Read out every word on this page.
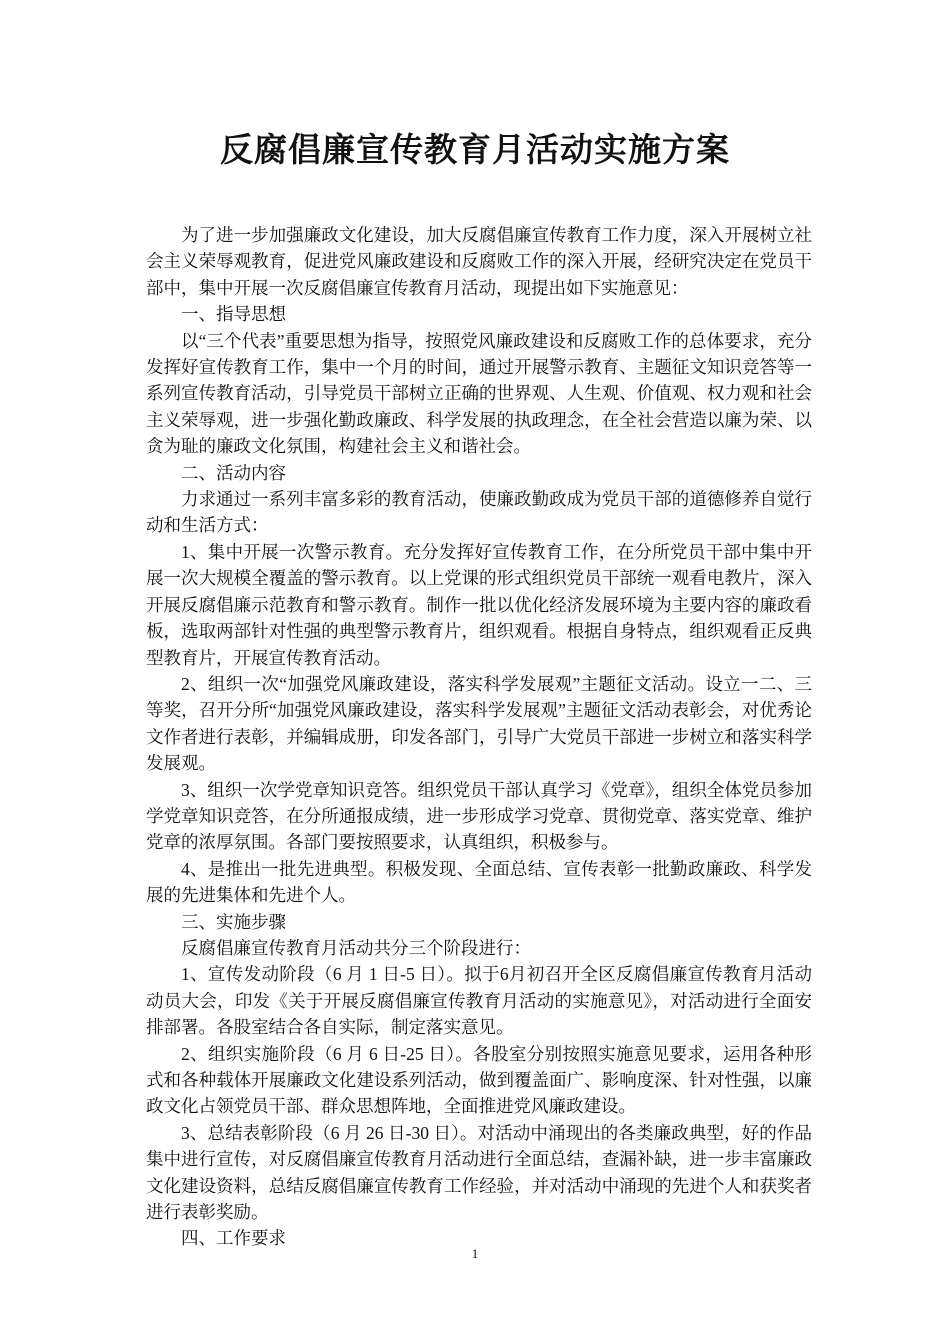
反腐倡廉宣传教育月活动实施方案

为了进一步加强廉政文化建设，加大反腐倡廉宣传教育工作力度，深入开展树立社会主义荣辱观教育，促进党风廉政建设和反腐败工作的深入开展，经研究决定在党员干部中，集中开展一次反腐倡廉宣传教育月活动，现提出如下实施意见：

一、指导思想

以“三个代表”重要思想为指导，按照党风廉政建设和反腐败工作的总体要求，充分发挥好宣传教育工作，集中一个月的时间，通过开展警示教育、主题征文知识竞答等一系列宣传教育活动，引导党员干部树立正确的世界观、人生观、价值观、权力观和社会主义荣辱观，进一步强化勤政廉政、科学发展的执政理念，在全社会营造以廉为荣、以贪为耻的廉政文化氛围，构建社会主义和谐社会。

二、活动内容

力求通过一系列丰富多彩的教育活动，使廉政勤政成为党员干部的道德修养自觉行动和生活方式：

1、集中开展一次警示教育。充分发挥好宣传教育工作，在分所党员干部中集中开展一次大规模全覆盖的警示教育。以上党课的形式组织党员干部统一观看电教片，深入开展反腐倡廉示范教育和警示教育。制作一批以优化经济发展环境为主要内容的廉政看板，选取两部针对性强的典型警示教育片，组织观看。根据自身特点，组织观看正反典型教育片，开展宣传教育活动。

2、组织一次“加强党风廉政建设，落实科学发展观”主题征文活动。设立一二、三等奖，召开分所“加强党风廉政建设，落实科学发展观”主题征文活动表彰会，对优秀论文作者进行表彰，并编辑成册，印发各部门，引导广大党员干部进一步树立和落实科学发展观。

3、组织一次学党章知识竞答。组织党员干部认真学习《党章》，组织全体党员参加学党章知识竞答，在分所通报成绩，进一步形成学习党章、贯彻党章、落实党章、维护党章的浓厚氛围。各部门要按照要求，认真组织，积极参与。

4、是推出一批先进典型。积极发现、全面总结、宣传表彰一批勤政廉政、科学发展的先进集体和先进个人。

三、实施步骤

反腐倡廉宣传教育月活动共分三个阶段进行：

1、宣传发动阶段（6 月 1 日-5 日）。拟于6月初召开全区反腐倡廉宣传教育月活动动员大会，印发《关于开展反腐倡廉宣传教育月活动的实施意见》，对活动进行全面安排部署。各股室结合各自实际，制定落实意见。

2、组织实施阶段（6 月 6 日-25 日）。各股室分别按照实施意见要求，运用各种形式和各种载体开展廉政文化建设系列活动，做到覆盖面广、影响度深、针对性强，以廉政文化占领党员干部、群众思想阵地，全面推进党风廉政建设。

3、总结表彰阶段（6 月 26 日-30 日）。对活动中涌现出的各类廉政典型，好的作品集中进行宣传，对反腐倡廉宣传教育月活动进行全面总结，查漏补缺，进一步丰富廉政文化建设资料，总结反腐倡廉宣传教育工作经验，并对活动中涌现的先进个人和获奖者进行表彰奖励。

四、工作要求

1
